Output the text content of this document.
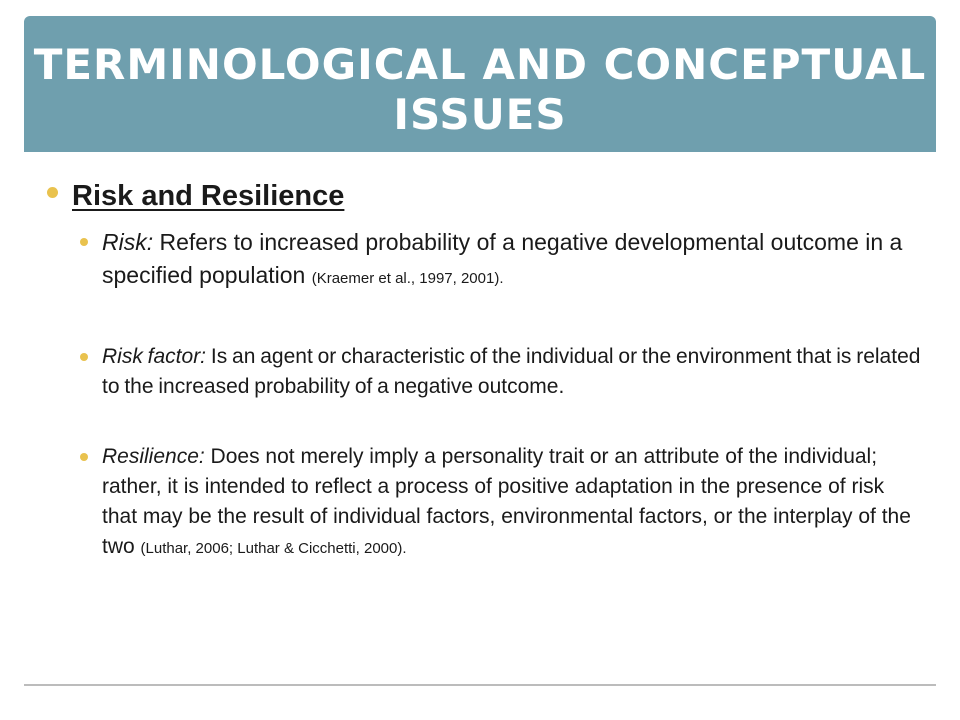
TERMINOLOGICAL AND CONCEPTUAL ISSUES
Risk and Resilience
Risk: Refers to increased probability of a negative developmental outcome in a specified population (Kraemer et al., 1997, 2001).
Risk factor: Is an agent or characteristic of the individual or the environment that is related to the increased probability of a negative outcome.
Resilience: Does not merely imply a personality trait or an attribute of the individual; rather, it is intended to reflect a process of positive adaptation in the presence of risk that may be the result of individual factors, environmental factors, or the interplay of the two (Luthar, 2006; Luthar & Cicchetti, 2000).
